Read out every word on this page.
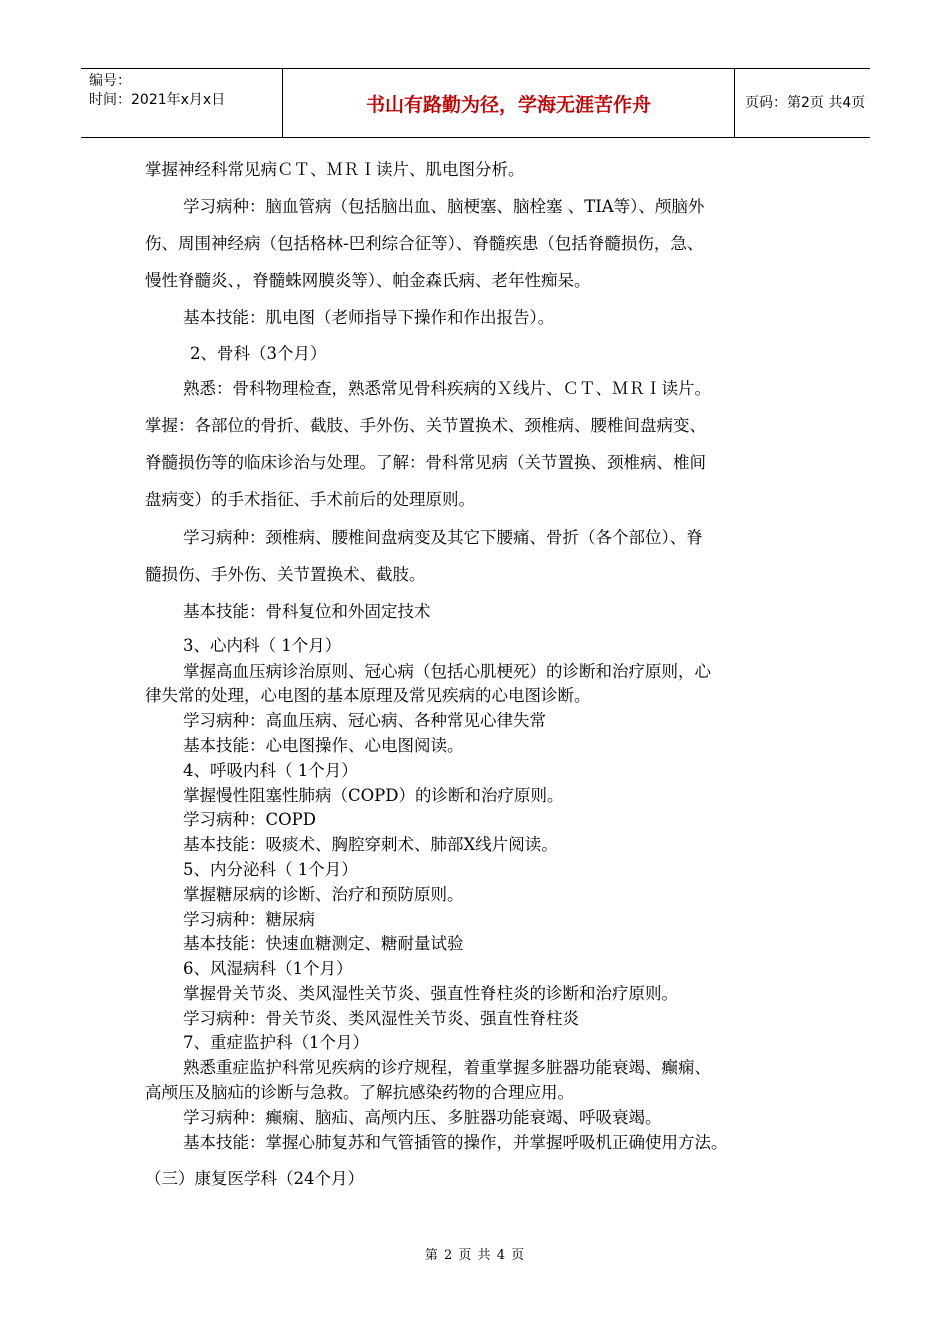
编号：
时间：2021年x月x日	书山有路勤为径，学海无涯苦作舟	页码：第2页 共4页
掌握神经科常见病ＣＴ、ＭＲＩ读片、肌电图分析。
学习病种：脑血管病（包括脑出血、脑梗塞、脑栓塞 、TIA等）、颅脑外
伤、周围神经病（包括格林-巴利综合征等）、脊髓疾患（包括脊髓损伤，急、
慢性脊髓炎、，脊髓蛛网膜炎等）、帕金森氏病、老年性痴呆。
基本技能：肌电图（老师指导下操作和作出报告）。
2、骨科（3个月）
熟悉：骨科物理检查，熟悉常见骨科疾病的Ｘ线片、ＣＴ、ＭＲＩ读片。
掌握：各部位的骨折、截肢、手外伤、关节置换术、颈椎病、腰椎间盘病变、
脊髓损伤等的临床诊治与处理。了解：骨科常见病（关节置换、颈椎病、椎间
盘病变）的手术指征、手术前后的处理原则。
学习病种：颈椎病、腰椎间盘病变及其它下腰痛、骨折（各个部位）、脊
髓损伤、手外伤、关节置换术、截肢。
基本技能：骨科复位和外固定技术
3、心内科（ 1个月）
掌握高血压病诊治原则、冠心病（包括心肌梗死）的诊断和治疗原则，心
律失常的处理，心电图的基本原理及常见疾病的心电图诊断。
学习病种：高血压病、冠心病、各种常见心律失常
基本技能：心电图操作、心电图阅读。
4、呼吸内科（ 1个月）
掌握慢性阻塞性肺病（COPD）的诊断和治疗原则。
学习病种：COPD
基本技能：吸痰术、胸腔穿刺术、肺部X线片阅读。
5、内分泌科（ 1个月）
掌握糖尿病的诊断、治疗和预防原则。
学习病种：糖尿病
基本技能：快速血糖测定、糖耐量试验
6、风湿病科（1个月）
掌握骨关节炎、类风湿性关节炎、强直性脊柱炎的诊断和治疗原则。
学习病种：骨关节炎、类风湿性关节炎、强直性脊柱炎
7、重症监护科（1个月）
熟悉重症监护科常见疾病的诊疗规程，着重掌握多脏器功能衰竭、癫痫、
高颅压及脑疝的诊断与急救。了解抗感染药物的合理应用。
学习病种：癫痫、脑疝、高颅内压、多脏器功能衰竭、呼吸衰竭。
基本技能：掌握心肺复苏和气管插管的操作，并掌握呼吸机正确使用方法。
（三）康复医学科（24个月）
第 2 页 共 4 页
